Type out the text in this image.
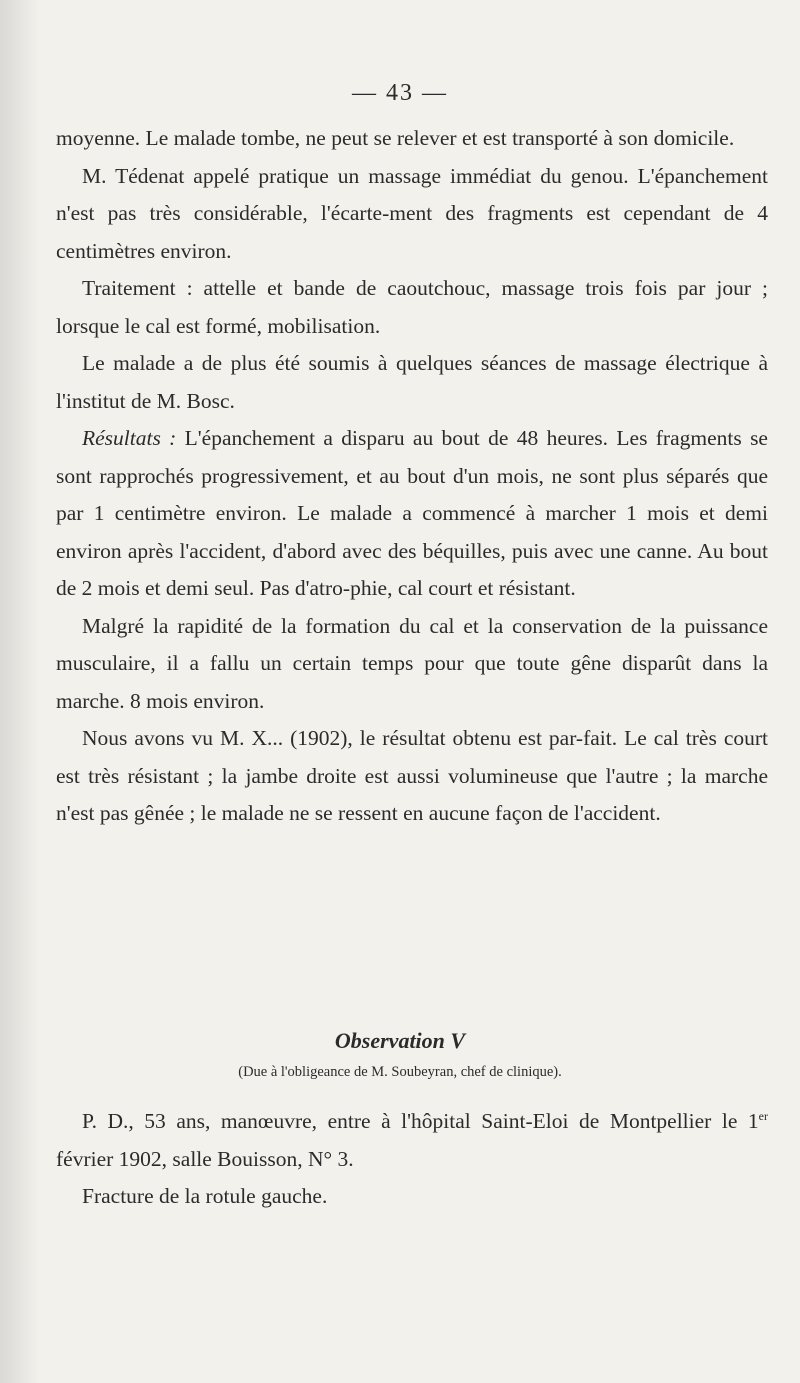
— 43 —

moyenne. Le malade tombe, ne peut se relever et est transporté à son domicile.

M. Tédenat appelé pratique un massage immédiat du genou. L'épanchement n'est pas très considérable, l'écarte-ment des fragments est cependant de 4 centimètres environ.

Traitement : attelle et bande de caoutchouc, massage trois fois par jour ; lorsque le cal est formé, mobilisation.

Le malade a de plus été soumis à quelques séances de massage électrique à l'institut de M. Bosc.

Résultats : L'épanchement a disparu au bout de 48 heures. Les fragments se sont rapprochés progressivement, et au bout d'un mois, ne sont plus séparés que par 1 centimètre environ. Le malade a commencé à marcher 1 mois et demi environ après l'accident, d'abord avec des béquilles, puis avec une canne. Au bout de 2 mois et demi seul. Pas d'atro-phie, cal court et résistant.

Malgré la rapidité de la formation du cal et la conservation de la puissance musculaire, il a fallu un certain temps pour que toute gêne disparût dans la marche. 8 mois environ.

Nous avons vu M. X... (1902), le résultat obtenu est par-fait. Le cal très court est très résistant ; la jambe droite est aussi volumineuse que l'autre ; la marche n'est pas gênée ; le malade ne se ressent en aucune façon de l'accident.

Observation V
(Due à l'obligeance de M. Soubeyran, chef de clinique).

P. D., 53 ans, manœuvre, entre à l'hôpital Saint-Eloi de Montpellier le 1er février 1902, salle Bouisson, N° 3.

Fracture de la rotule gauche.
